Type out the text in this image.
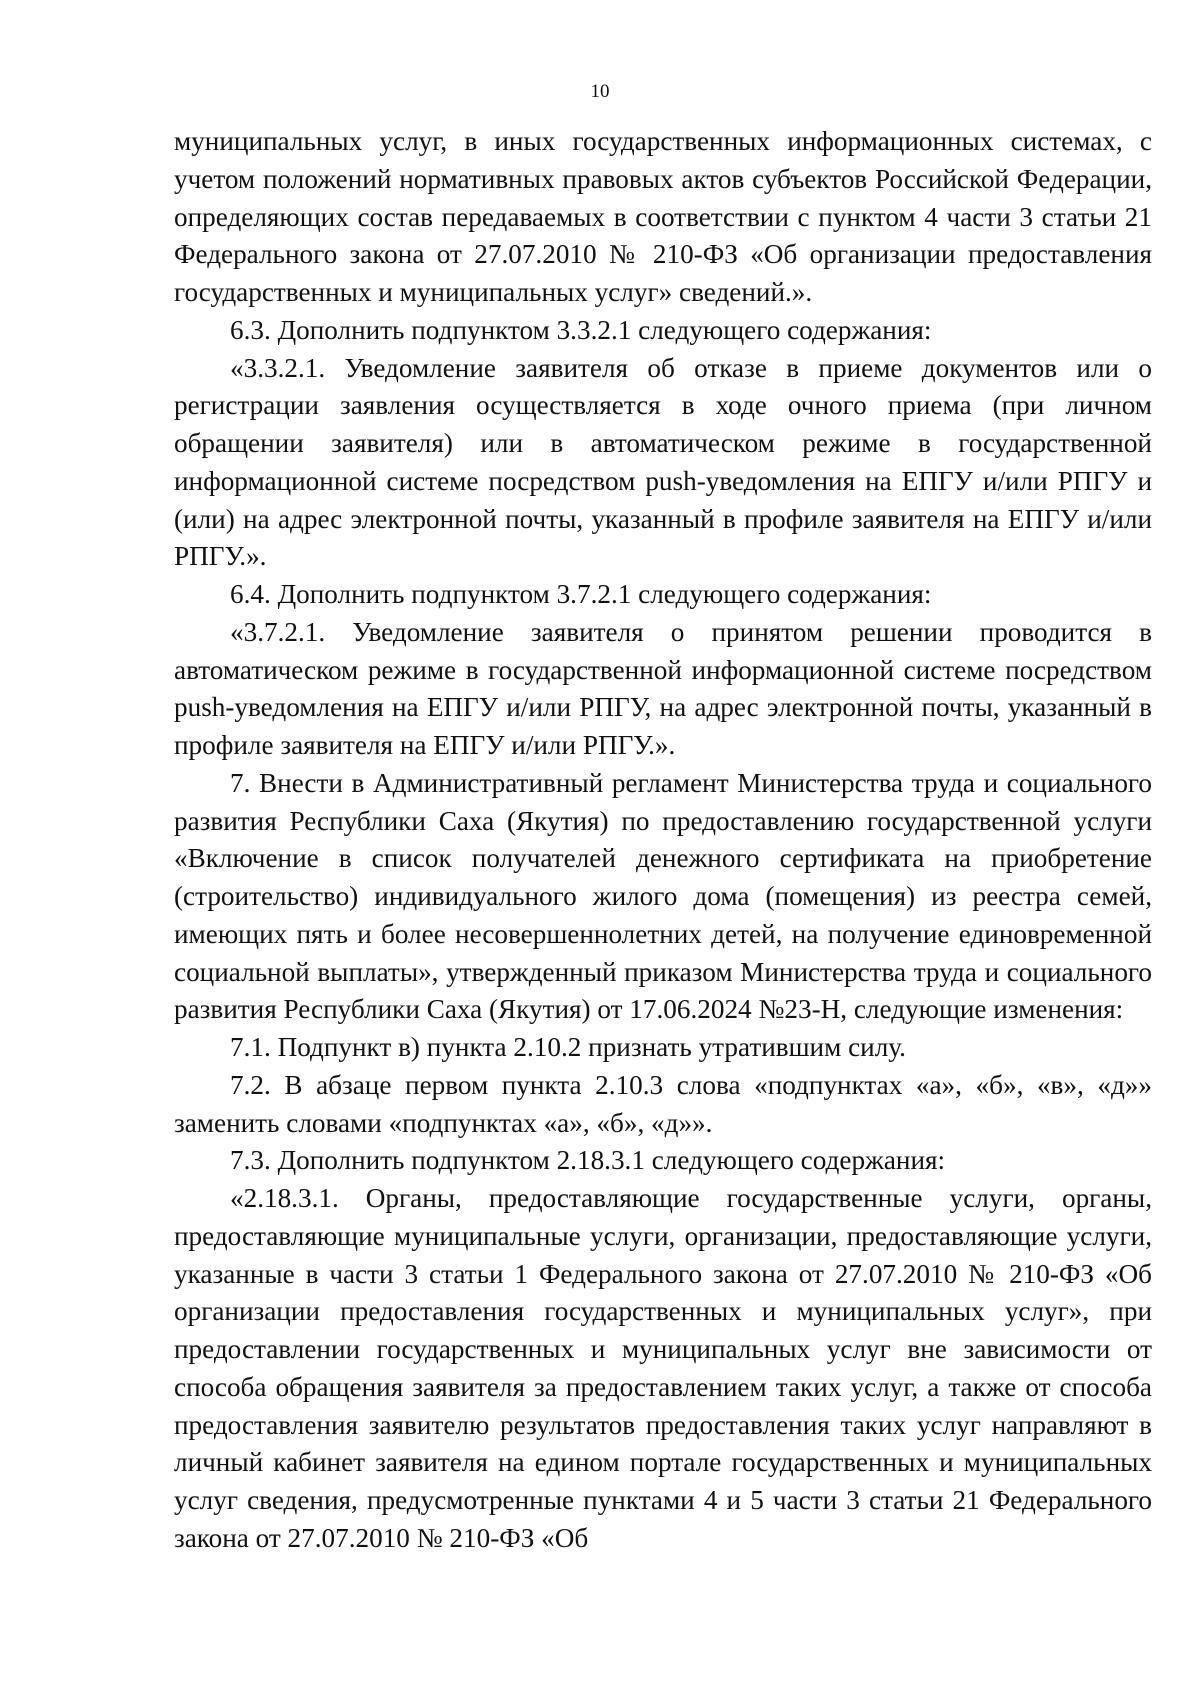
10

муниципальных услуг, в иных государственных информационных системах, с учетом положений нормативных правовых актов субъектов Российской Федерации, определяющих состав передаваемых в соответствии с пунктом 4 части 3 статьи 21 Федерального закона от 27.07.2010 № 210-ФЗ «Об организации предоставления государственных и муниципальных услуг» сведений.».

6.3. Дополнить подпунктом 3.3.2.1 следующего содержания:

«3.3.2.1. Уведомление заявителя об отказе в приеме документов или о регистрации заявления осуществляется в ходе очного приема (при личном обращении заявителя) или в автоматическом режиме в государственной информационной системе посредством push-уведомления на ЕПГУ и/или РПГУ и (или) на адрес электронной почты, указанный в профиле заявителя на ЕПГУ и/или РПГУ.».

6.4. Дополнить подпунктом 3.7.2.1 следующего содержания:

«3.7.2.1. Уведомление заявителя о принятом решении проводится в автоматическом режиме в государственной информационной системе посредством push-уведомления на ЕПГУ и/или РПГУ, на адрес электронной почты, указанный в профиле заявителя на ЕПГУ и/или РПГУ.».

7. Внести в Административный регламент Министерства труда и социального развития Республики Саха (Якутия) по предоставлению государственной услуги «Включение в список получателей денежного сертификата на приобретение (строительство) индивидуального жилого дома (помещения) из реестра семей, имеющих пять и более несовершеннолетних детей, на получение единовременной социальной выплаты», утвержденный приказом Министерства труда и социального развития Республики Саха (Якутия) от 17.06.2024 №23-Н, следующие изменения:

7.1. Подпункт в) пункта 2.10.2 признать утратившим силу.

7.2. В абзаце первом пункта 2.10.3 слова «подпунктах «а», «б», «в», «д»» заменить словами «подпунктах «а», «б», «д»».

7.3. Дополнить подпунктом 2.18.3.1 следующего содержания:

«2.18.3.1. Органы, предоставляющие государственные услуги, органы, предоставляющие муниципальные услуги, организации, предоставляющие услуги, указанные в части 3 статьи 1 Федерального закона от 27.07.2010 № 210-ФЗ «Об организации предоставления государственных и муниципальных услуг», при предоставлении государственных и муниципальных услуг вне зависимости от способа обращения заявителя за предоставлением таких услуг, а также от способа предоставления заявителю результатов предоставления таких услуг направляют в личный кабинет заявителя на едином портале государственных и муниципальных услуг сведения, предусмотренные пунктами 4 и 5 части 3 статьи 21 Федерального закона от 27.07.2010 № 210-ФЗ «Об
